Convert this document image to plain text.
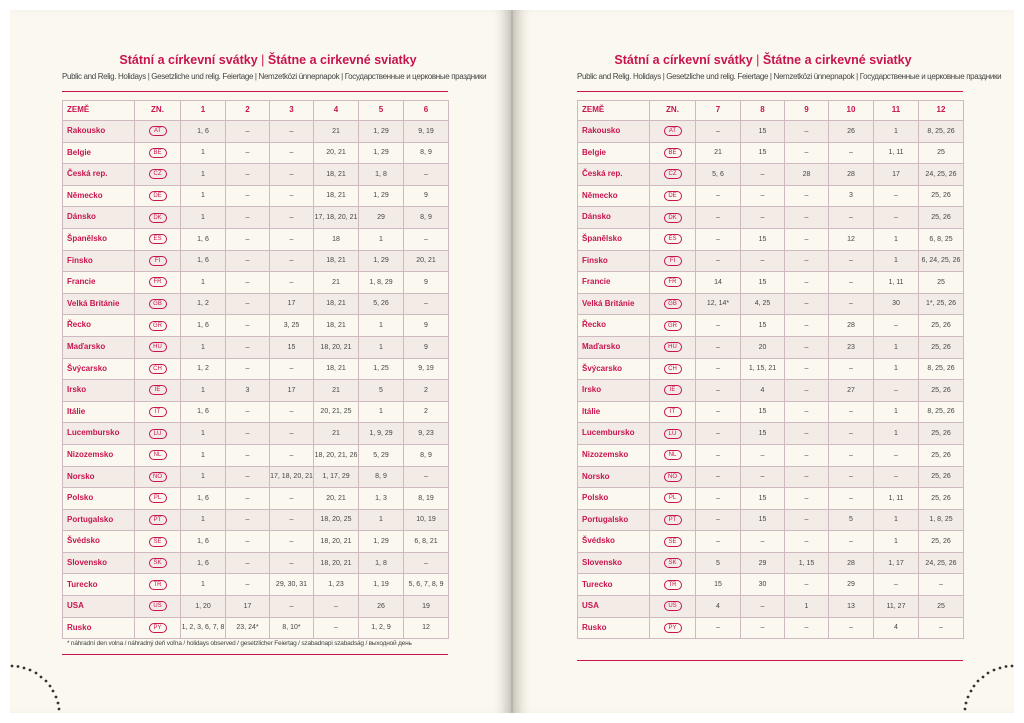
Státní a církevní svátky | Štátne a cirkevné sviatky
Public and Relig. Holidays | Gesetzliche und relig. Feiertage | Nemzetközi ünnepnapok | Государственные и церковные праздники
ZEMĚ	ZN.	1	2	3	4	5	6
Rakousko	AT	1, 6	–	–	21	1, 29	9, 19
Belgie	BE	1	–	–	20, 21	1, 29	8, 9
Česká rep.	CZ	1	–	–	18, 21	1, 8	–
Německo	DE	1	–	–	18, 21	1, 29	9
Dánsko	DK	1	–	–	17, 18, 20, 21	29	8, 9
Španělsko	ES	1, 6	–	–	18	1	–
Finsko	FI	1, 6	–	–	18, 21	1, 29	20, 21
Francie	FR	1	–	–	21	1, 8, 29	9
Velká Británie	GB	1, 2	–	17	18, 21	5, 26	–
Řecko	GR	1, 6	–	3, 25	18, 21	1	9
Maďarsko	HU	1	–	15	18, 20, 21	1	9
Švýcarsko	CH	1, 2	–	–	18, 21	1, 25	9, 19
Irsko	IE	1	3	17	21	5	2
Itálie	IT	1, 6	–	–	20, 21, 25	1	2
Lucembursko	LU	1	–	–	21	1, 9, 29	9, 23
Nizozemsko	NL	1	–	–	18, 20, 21, 26	5, 29	8, 9
Norsko	NO	1	–	17, 18, 20, 21	1, 17, 29	8, 9	–
Polsko	PL	1, 6	–	–	20, 21	1, 3	8, 19
Portugalsko	PT	1	–	–	18, 20, 25	1	10, 19
Švédsko	SE	1, 6	–	–	18, 20, 21	1, 29	6, 8, 21
Slovensko	SK	1, 6	–	–	18, 20, 21	1, 8	–
Turecko	TR	1	–	29, 30, 31	1, 23	1, 19	5, 6, 7, 8, 9
USA	US	1, 20	17	–	–	26	19
Rusko	PY	1, 2, 3, 6, 7, 8	23, 24*	8, 10*	–	1, 2, 9	12
* náhradní den volna / náhradný deň voľna / holidays observed / gesetzlicher Feiertag / szabadnapi szabadság / выходной день
Státní a církevní svátky | Štátne a cirkevné sviatky
Public and Relig. Holidays | Gesetzliche und relig. Feiertage | Nemzetközi ünnepnapok | Государственные и церковные праздники
ZEMĚ	ZN.	7	8	9	10	11	12
Rakousko	AT	–	15	–	26	1	8, 25, 26
Belgie	BE	21	15	–	–	1, 11	25
Česká rep.	CZ	5, 6	–	28	28	17	24, 25, 26
Německo	DE	–	–	–	3	–	25, 26
Dánsko	DK	–	–	–	–	–	25, 26
Španělsko	ES	–	15	–	12	1	6, 8, 25
Finsko	FI	–	–	–	–	1	6, 24, 25, 26
Francie	FR	14	15	–	–	1, 11	25
Velká Británie	GB	12, 14*	4, 25	–	–	30	1*, 25, 26
Řecko	GR	–	15	–	28	–	25, 26
Maďarsko	HU	–	20	–	23	1	25, 26
Švýcarsko	CH	–	1, 15, 21	–	–	1	8, 25, 26
Irsko	IE	–	4	–	27	–	25, 26
Itálie	IT	–	15	–	–	1	8, 25, 26
Lucembursko	LU	–	15	–	–	1	25, 26
Nizozemsko	NL	–	–	–	–	–	25, 26
Norsko	NO	–	–	–	–	–	25, 26
Polsko	PL	–	15	–	–	1, 11	25, 26
Portugalsko	PT	–	15	–	5	1	1, 8, 25
Švédsko	SE	–	–	–	–	1	25, 26
Slovensko	SK	5	29	1, 15	28	1, 17	24, 25, 26
Turecko	TR	15	30	–	29	–	–
USA	US	4	–	1	13	11, 27	25
Rusko	PY	–	–	–	–	4	–
